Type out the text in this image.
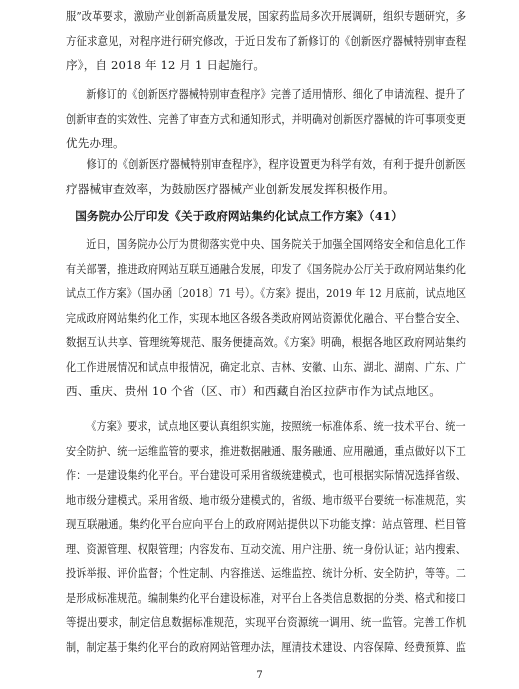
服”改革要求，激励产业创新高质量发展，国家药监局多次开展调研，组织专题研究，多
方征求意见，对程序进行研究修改，于近日发布了新修订的《创新医疗器械特别审查程
序》，自 2018 年 12 月 1 日起施行。
新修订的《创新医疗器械特别审查程序》完善了适用情形、细化了申请流程、提升了
创新审查的实效性、完善了审查方式和通知形式，并明确对创新医疗器械的许可事项变更
优先办理。
修订的《创新医疗器械特别审查程序》，程序设置更为科学有效，有利于提升创新医
疗器械审查效率，为鼓励医疗器械产业创新发展发挥积极作用。
国务院办公厅印发《关于政府网站集约化试点工作方案》（41）
近日，国务院办公厅为贯彻落实党中央、国务院关于加强全国网络安全和信息化工作
有关部署，推进政府网站互联互通融合发展，印发了《国务院办公厅关于政府网站集约化
试点工作方案》（国办函〔2018〕71 号）。《方案》提出，2019 年 12 月底前，试点地区
完成政府网站集约化工作，实现本地区各级各类政府网站资源优化融合、平台整合安全、
数据互认共享、管理统筹规范、服务便捷高效。《方案》明确，根据各地区政府网站集约
化工作进展情况和试点申报情况，确定北京、吉林、安徽、山东、湖北、湖南、广东、广
西、重庆、贵州 10 个省（区、市）和西藏自治区拉萨市作为试点地区。
《方案》要求，试点地区要认真组织实施，按照统一标准体系、统一技术平台、统一
安全防护、统一运维监管的要求，推进数据融通、服务融通、应用融通，重点做好以下工
作：一是建设集约化平台。平台建设可采用省级统建模式，也可根据实际情况选择省级、
地市级分建模式。采用省级、地市级分建模式的，省级、地市级平台要统一标准规范，实
现互联融通。集约化平台应向平台上的政府网站提供以下功能支撑：站点管理、栏目管
理、资源管理、权限管理；内容发布、互动交流、用户注册、统一身份认证；站内搜索、
投诉举报、评价监督；个性定制、内容推送、运维监控、统计分析、安全防护，等等。二
是形成标准规范。编制集约化平台建设标准，对平台上各类信息数据的分类、格式和接口
等提出要求，制定信息数据标准规范，实现平台资源统一调用、统一监管。完善工作机
制，制定基于集约化平台的政府网站管理办法，厘清技术建设、内容保障、经费预算、监
7
